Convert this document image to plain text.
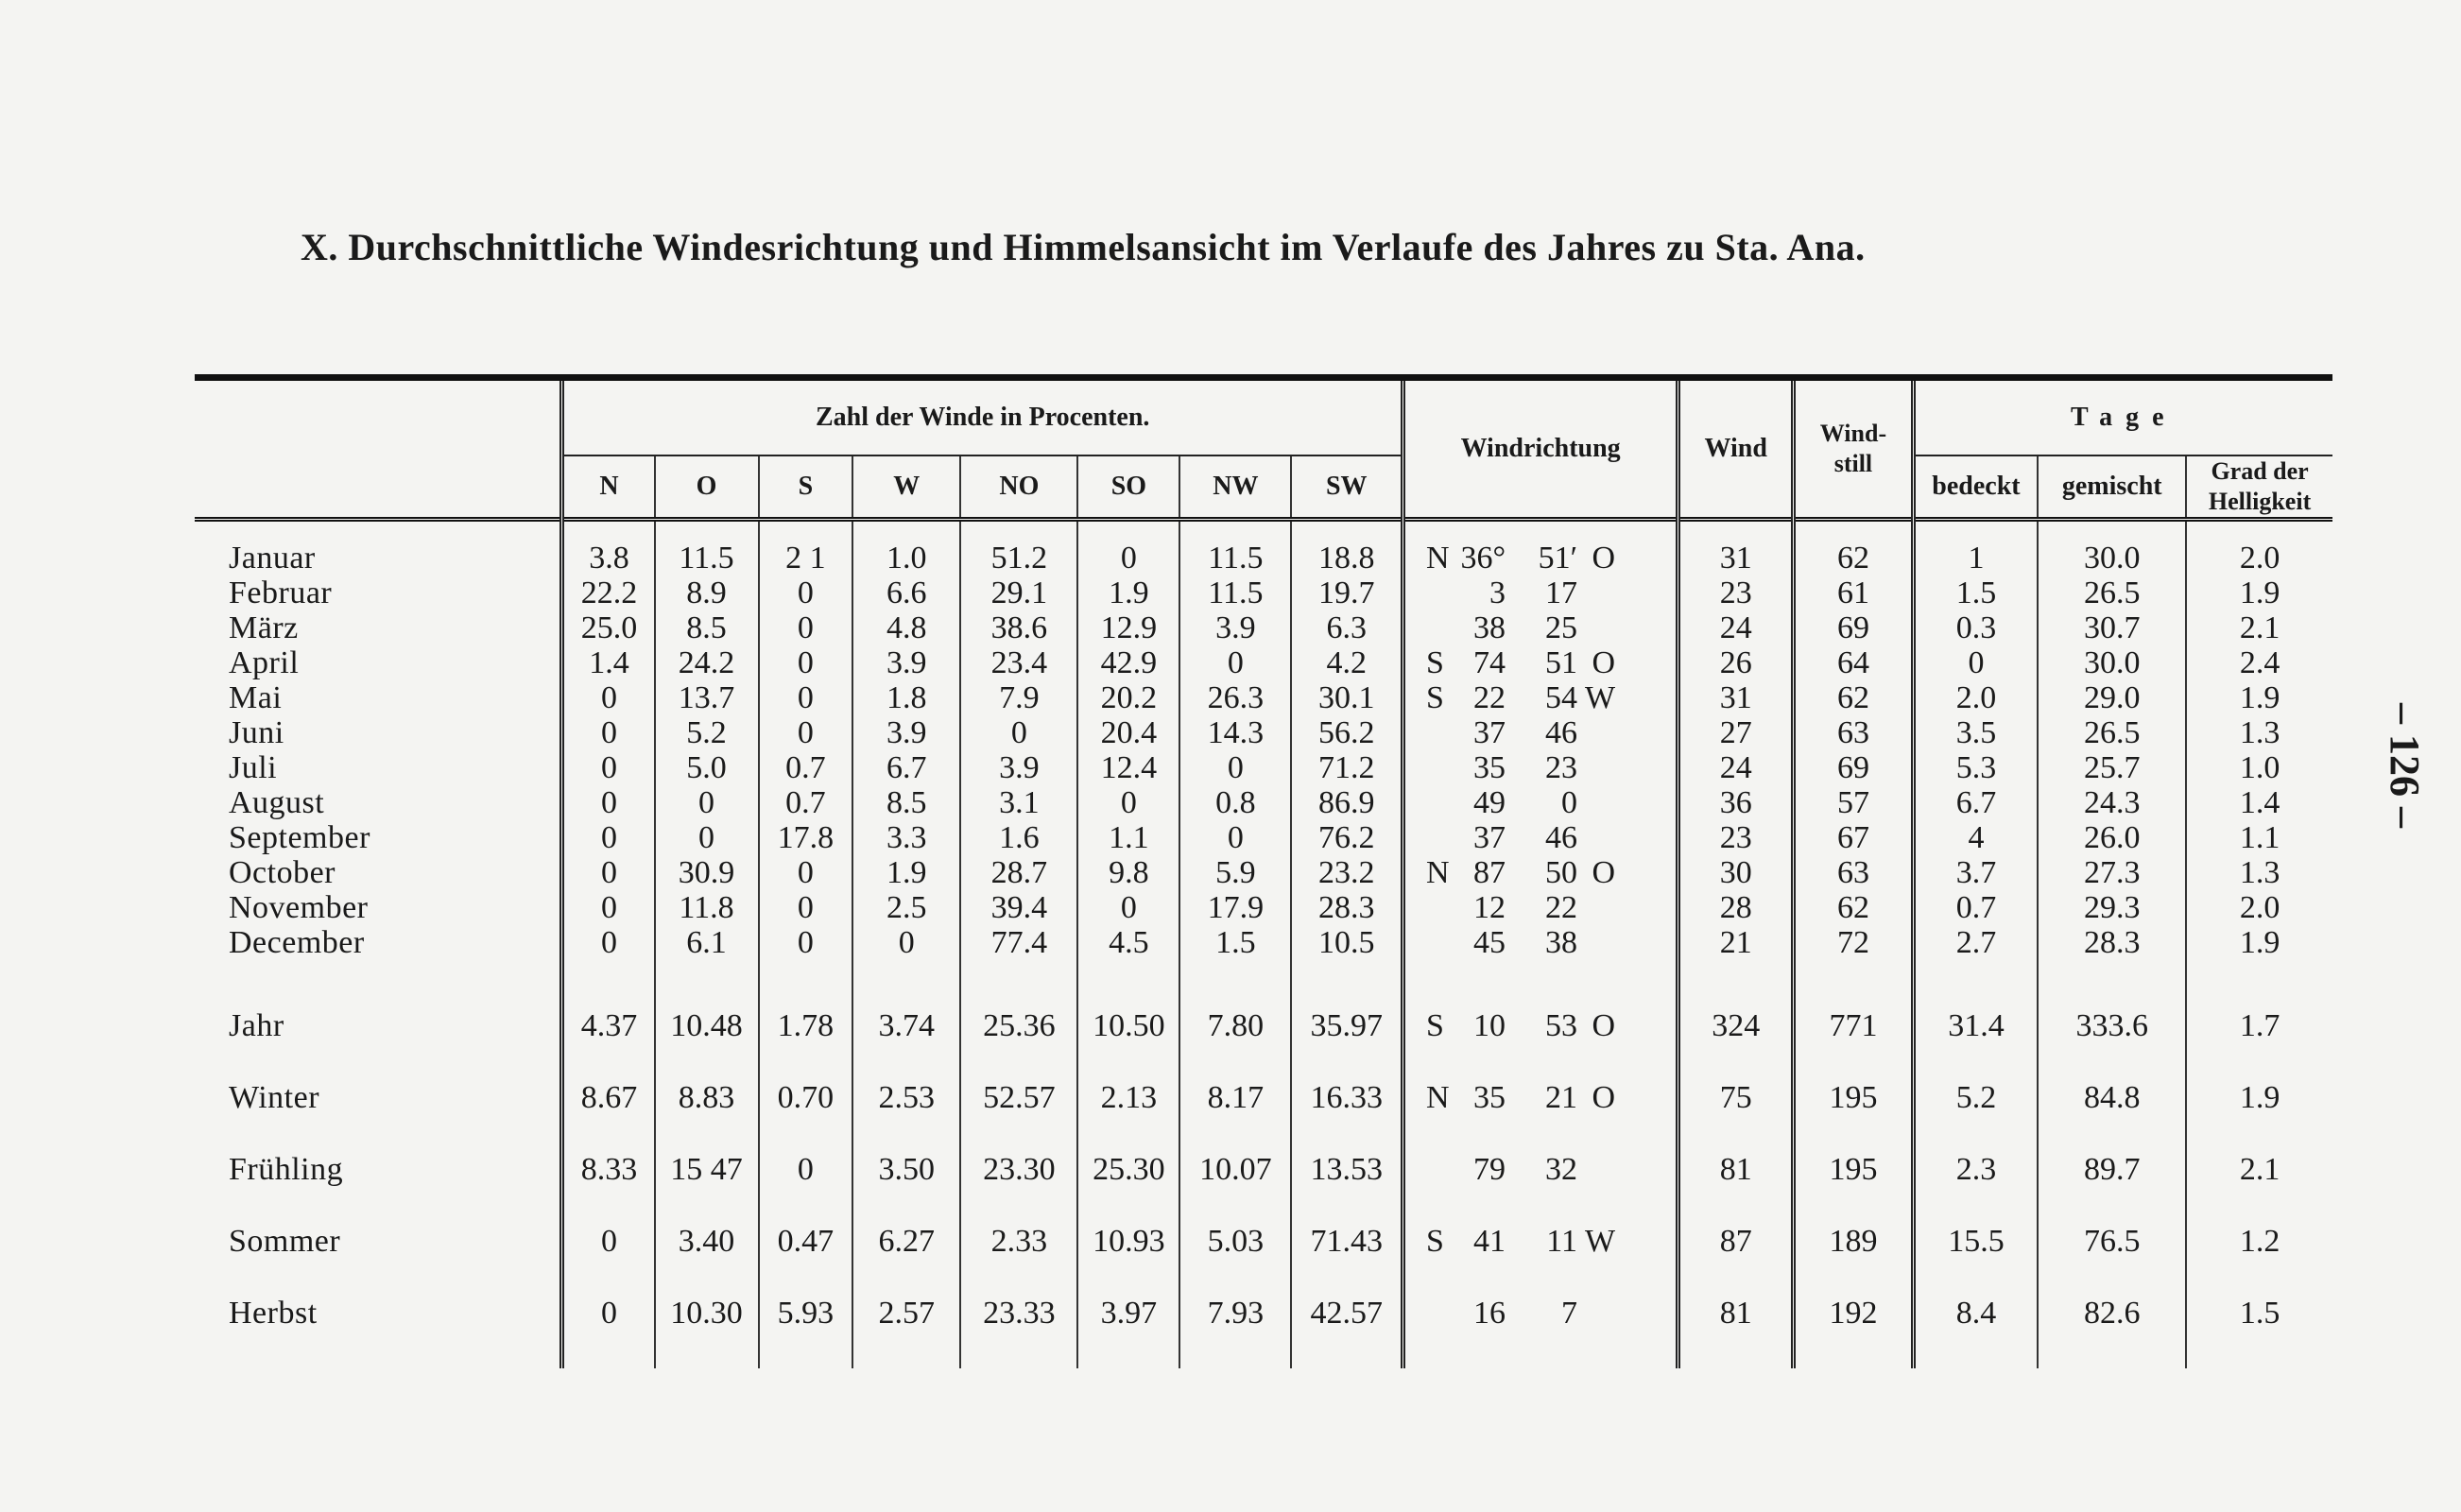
X. Durchschnittliche Windesrichtung und Himmelsansicht im Verlaufe des Jahres zu Sta. Ana.
– 126 –
	Zahl der Winde in Procenten.								Windrichtung	Wind	Wind-
still	Tage		
	N	O	S	W	NO	SO	NW	SW				bedeckt	gemischt	Grad der
Helligkeit

Januar	3.8	11.5	2 1	1.0	51.2	0	11.5	18.8	N 36° 51′ O	31	62	1	30.0	2.0
Februar	22.2	8.9	0	6.6	29.1	1.9	11.5	19.7	3 17	23	61	1.5	26.5	1.9
März	25.0	8.5	0	4.8	38.6	12.9	3.9	6.3	38 25	24	69	0.3	30.7	2.1
April	1.4	24.2	0	3.9	23.4	42.9	0	4.2	S 74 51 O	26	64	0	30.0	2.4
Mai	0	13.7	0	1.8	7.9	20.2	26.3	30.1	S 22 54 W	31	62	2.0	29.0	1.9
Juni	0	5.2	0	3.9	0	20.4	14.3	56.2	37 46	27	63	3.5	26.5	1.3
Juli	0	5.0	0.7	6.7	3.9	12.4	0	71.2	35 23	24	69	5.3	25.7	1.0
August	0	0	0.7	8.5	3.1	0	0.8	86.9	49 0	36	57	6.7	24.3	1.4
September	0	0	17.8	3.3	1.6	1.1	0	76.2	37 46	23	67	4	26.0	1.1
October	0	30.9	0	1.9	28.7	9.8	5.9	23.2	N 87 50 O	30	63	3.7	27.3	1.3
November	0	11.8	0	2.5	39.4	0	17.9	28.3	12 22	28	62	0.7	29.3	2.0
December	0	6.1	0	0	77.4	4.5	1.5	10.5	45 38	21	72	2.7	28.3	1.9

Jahr	4.37	10.48	1.78	3.74	25.36	10.50	7.80	35.97	S 10 53 O	324	771	31.4	333.6	1.7
Winter	8.67	8.83	0.70	2.53	52.57	2.13	8.17	16.33	N 35 21 O	75	195	5.2	84.8	1.9
Frühling	8.33	15 47	0	3.50	23.30	25.30	10.07	13.53	79 32	81	195	2.3	89.7	2.1
Sommer	0	3.40	0.47	6.27	2.33	10.93	5.03	71.43	S 41 11 W	87	189	15.5	76.5	1.2
Herbst	0	10.30	5.93	2.57	23.33	3.97	7.93	42.57	16 7	81	192	8.4	82.6	1.5
